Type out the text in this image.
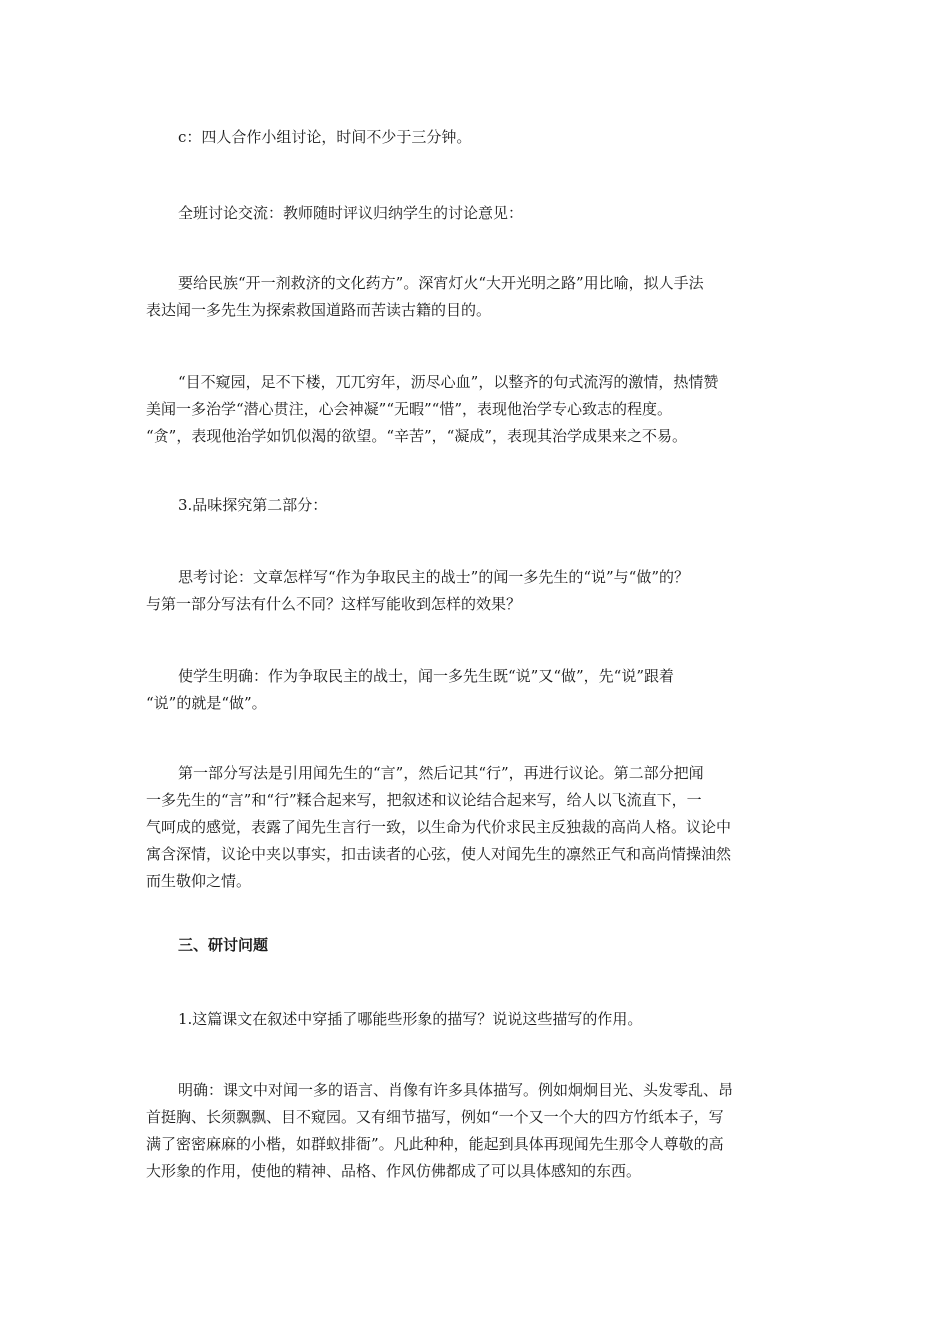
c：四人合作小组讨论，时间不少于三分钟。

全班讨论交流：教师随时评议归纳学生的讨论意见：

要给民族“开一剂救济的文化药方”。深宵灯火“大开光明之路”用比喻，拟人手法

表达闻一多先生为探索救国道路而苦读古籍的目的。

“目不窥园，足不下楼，兀兀穷年，沥尽心血”，以整齐的句式流泻的激情，热情赞

美闻一多治学“潜心贯注，心会神凝”“无暇”“惜”，表现他治学专心致志的程度。

“贪”，表现他治学如饥似渴的欲望。“辛苦”，“凝成”，表现其治学成果来之不易。

3.品味探究第二部分：

思考讨论：文章怎样写“作为争取民主的战士”的闻一多先生的“说”与“做”的？

与第一部分写法有什么不同？这样写能收到怎样的效果？

使学生明确：作为争取民主的战士，闻一多先生既“说”又“做”，先“说”跟着

“说”的就是“做”。

第一部分写法是引用闻先生的“言”，然后记其“行”，再进行议论。第二部分把闻

一多先生的“言”和“行”糅合起来写，把叙述和议论结合起来写，给人以飞流直下，一

气呵成的感觉，表露了闻先生言行一致，以生命为代价求民主反独裁的高尚人格。议论中

寓含深情，议论中夹以事实，扣击读者的心弦，使人对闻先生的凛然正气和高尚情操油然

而生敬仰之情。

三、研讨问题

1.这篇课文在叙述中穿插了哪能些形象的描写？说说这些描写的作用。

明确：课文中对闻一多的语言、肖像有许多具体描写。例如炯炯目光、头发零乱、昂

首挺胸、长须飘飘、目不窥园。又有细节描写，例如“一个又一个大的四方竹纸本子，写

满了密密麻麻的小楷，如群蚁排衙”。凡此种种，能起到具体再现闻先生那令人尊敬的高

大形象的作用，使他的精神、品格、作风仿佛都成了可以具体感知的东西。
